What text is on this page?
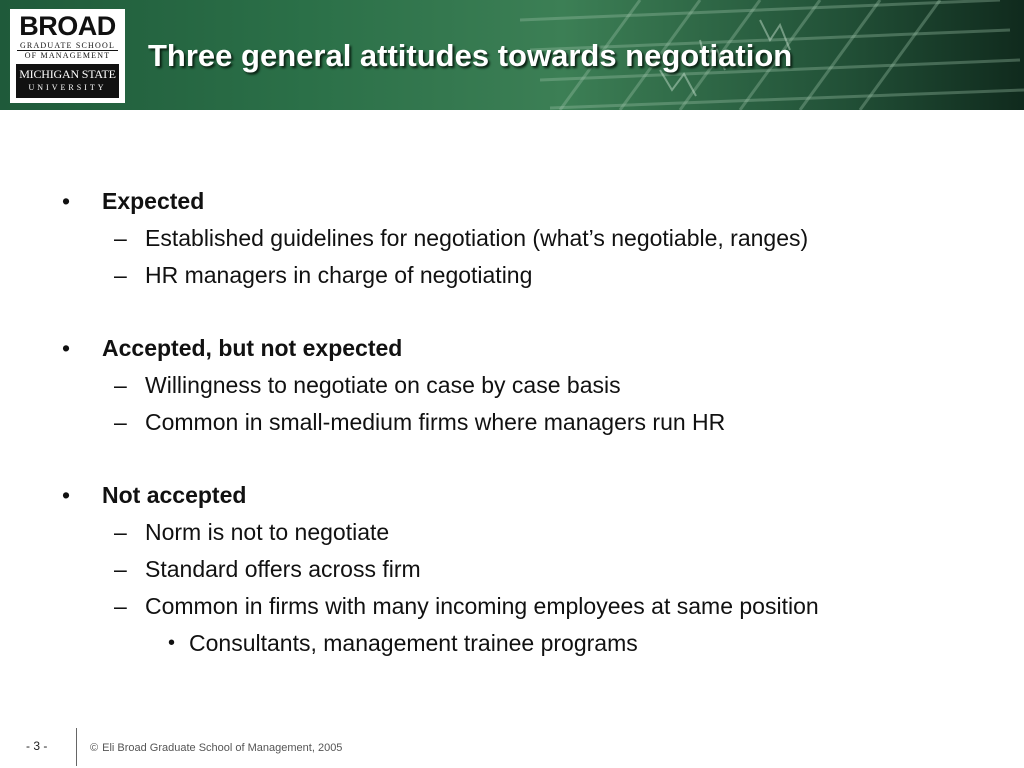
BROAD
GRADUATE SCHOOL
OF MANAGEMENT
MICHIGAN STATE
UNIVERSITY
Three general attitudes towards negotiation
• Expected
– Established guidelines for negotiation (what’s negotiable, ranges)
– HR managers in charge of negotiating
• Accepted, but not expected
– Willingness to negotiate on case by case basis
– Common in small-medium firms where managers run HR
• Not accepted
– Norm is not to negotiate
– Standard offers across firm
– Common in firms with many incoming employees at same position
• Consultants, management trainee programs
- 3 -	© Eli Broad Graduate School of Management, 2005
